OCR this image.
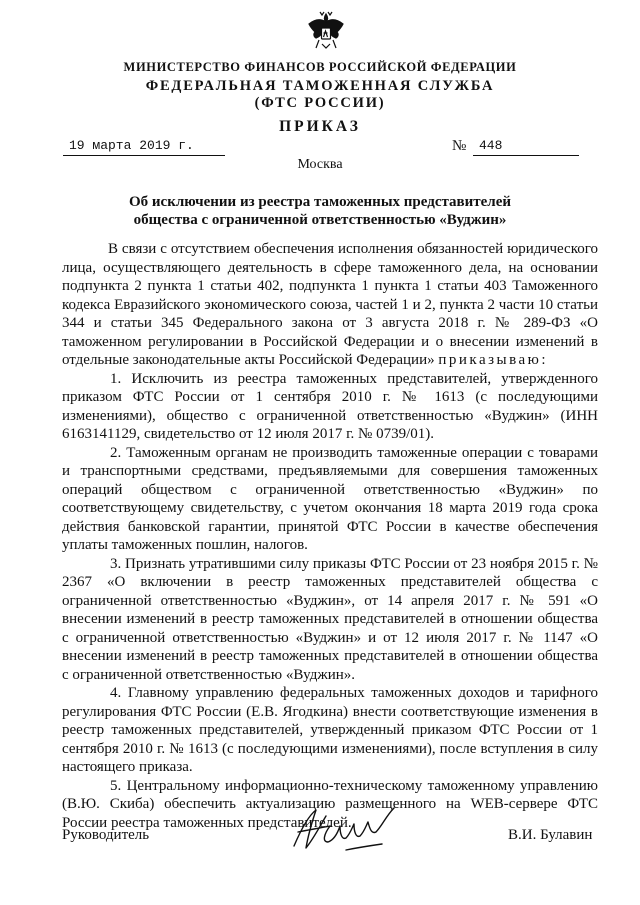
МИНИСТЕРСТВО ФИНАНСОВ РОССИЙСКОЙ ФЕДЕРАЦИИ
ФЕДЕРАЛЬНАЯ ТАМОЖЕННАЯ СЛУЖБА
(ФТС РОССИИ)
ПРИКАЗ
19 марта 2019 г.	№ 448
Москва
Об исключении из реестра таможенных представителей
общества с ограниченной ответственностью «Вуджин»

В связи с отсутствием обеспечения исполнения обязанностей юридического лица, осуществляющего деятельность в сфере таможенного дела, на основании подпункта 2 пункта 1 статьи 402, подпункта 1 пункта 1 статьи 403 Таможенного кодекса Евразийского экономического союза, частей 1 и 2, пункта 2 части 10 статьи 344 и статьи 345 Федерального закона от 3 августа 2018 г. № 289-ФЗ «О таможенном регулировании в Российской Федерации и о внесении изменений в отдельные законодательные акты Российской Федерации» приказываю:

1. Исключить из реестра таможенных представителей, утвержденного приказом ФТС России от 1 сентября 2010 г. № 1613 (с последующими изменениями), общество с ограниченной ответственностью «Вуджин» (ИНН 6163141129, свидетельство от 12 июля 2017 г. № 0739/01).

2. Таможенным органам не производить таможенные операции с товарами и транспортными средствами, предъявляемыми для совершения таможенных операций обществом с ограниченной ответственностью «Вуджин» по соответствующему свидетельству, с учетом окончания 18 марта 2019 года срока действия банковской гарантии, принятой ФТС России в качестве обеспечения уплаты таможенных пошлин, налогов.

3. Признать утратившими силу приказы ФТС России от 23 ноября 2015 г. № 2367 «О включении в реестр таможенных представителей общества с ограниченной ответственностью «Вуджин», от 14 апреля 2017 г. № 591 «О внесении изменений в реестр таможенных представителей в отношении общества с ограниченной ответственностью «Вуджин» и от 12 июля 2017 г. № 1147 «О внесении изменений в реестр таможенных представителей в отношении общества с ограниченной ответственностью «Вуджин».

4. Главному управлению федеральных таможенных доходов и тарифного регулирования ФТС России (Е.В. Ягодкина) внести соответствующие изменения в реестр таможенных представителей, утвержденный приказом ФТС России от 1 сентября 2010 г. № 1613 (с последующими изменениями), после вступления в силу настоящего приказа.

5. Центральному информационно-техническому таможенному управлению (В.Ю. Скиба) обеспечить актуализацию размещенного на WEB-сервере ФТС России реестра таможенных представителей.

Руководитель	В.И. Булавин
